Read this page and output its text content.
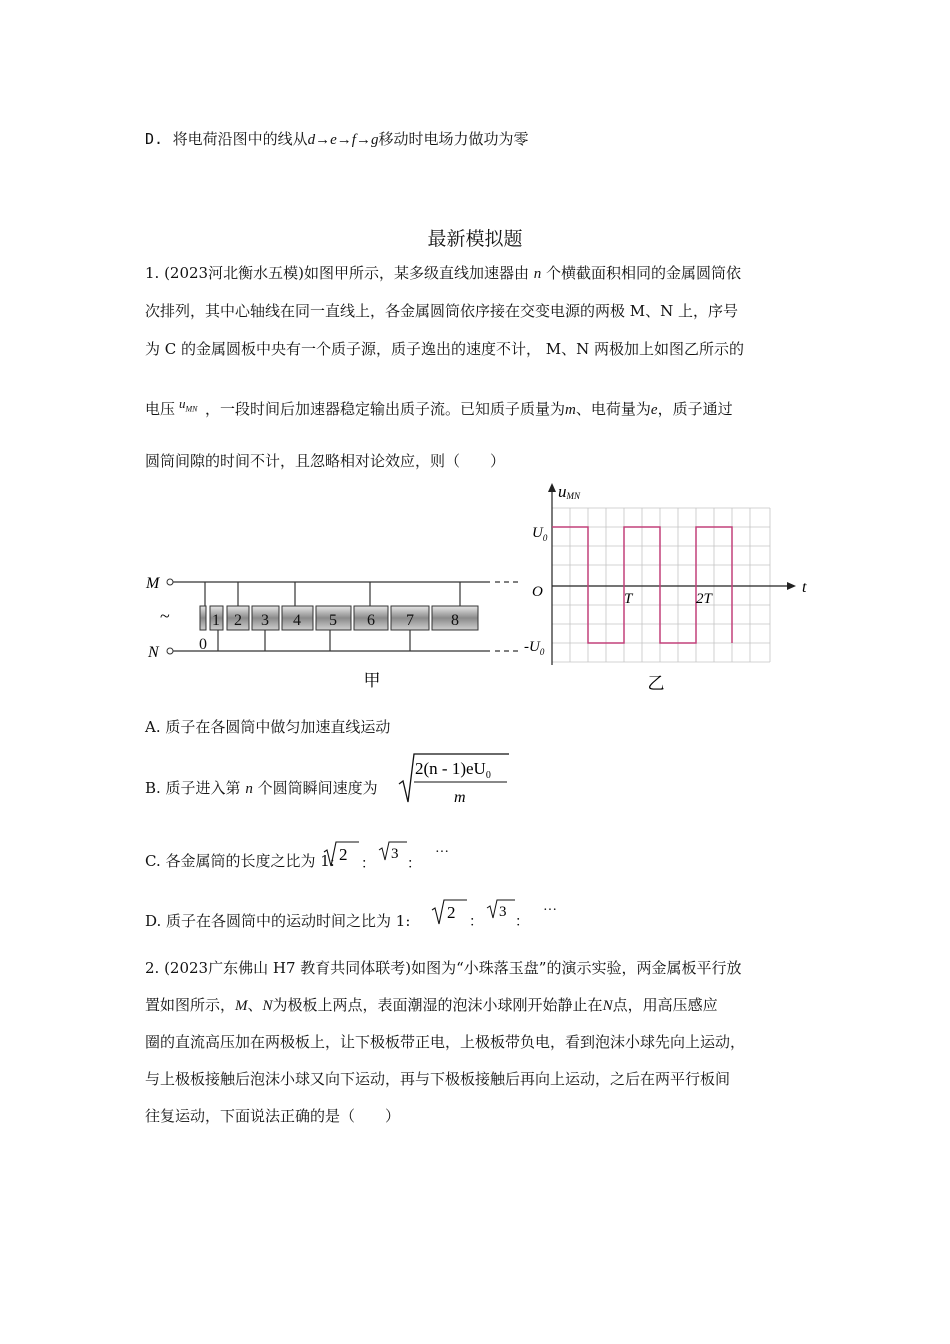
D. 将电荷沿图中的线从d→e→f→g移动时电场力做功为零
最新模拟题
1. (2023河北衡水五模)如图甲所示，某多级直线加速器由 n 个横截面积相同的金属圆筒依
次排列，其中心轴线在同一直线上，各金属圆筒依序接在交变电源的两极 M、N 上，序号
为 C 的金属圆板中央有一个质子源，质子逸出的速度不计， M、N 两极加上如图乙所示的
电压 $u_{MN}$ ，一段时间后加速器稳定输出质子流。已知质子质量为m、电荷量为e，质子通过
圆筒间隙的时间不计，且忽略相对论效应，则（　　）
M
N
~
0
1 2 3 4 5 6 7 8
甲
uMN
t
$U_0$
O
$-U_0$
T	2T
乙
A. 质子在各圆筒中做匀加速直线运动
B. 质子进入第 n 个圆筒瞬间速度为
$2(n - 1)eU_0$
m
C. 各金属筒的长度之比为 1: 2
：
3
：
···
D. 质子在各圆筒中的运动时间之比为 1: 2
：
3
：
···
2. (2023广东佛山 H7 教育共同体联考)如图为“小珠落玉盘”的演示实验，两金属板平行放
置如图所示，M、N为极板上两点，表面潮湿的泡沫小球刚开始静止在N点，用高压感应
圈的直流高压加在两极板上，让下极板带正电，上极板带负电，看到泡沫小球先向上运动，
与上极板接触后泡沫小球又向下运动，再与下极板接触后再向上运动，之后在两平行板间
往复运动，下面说法正确的是（　　）
